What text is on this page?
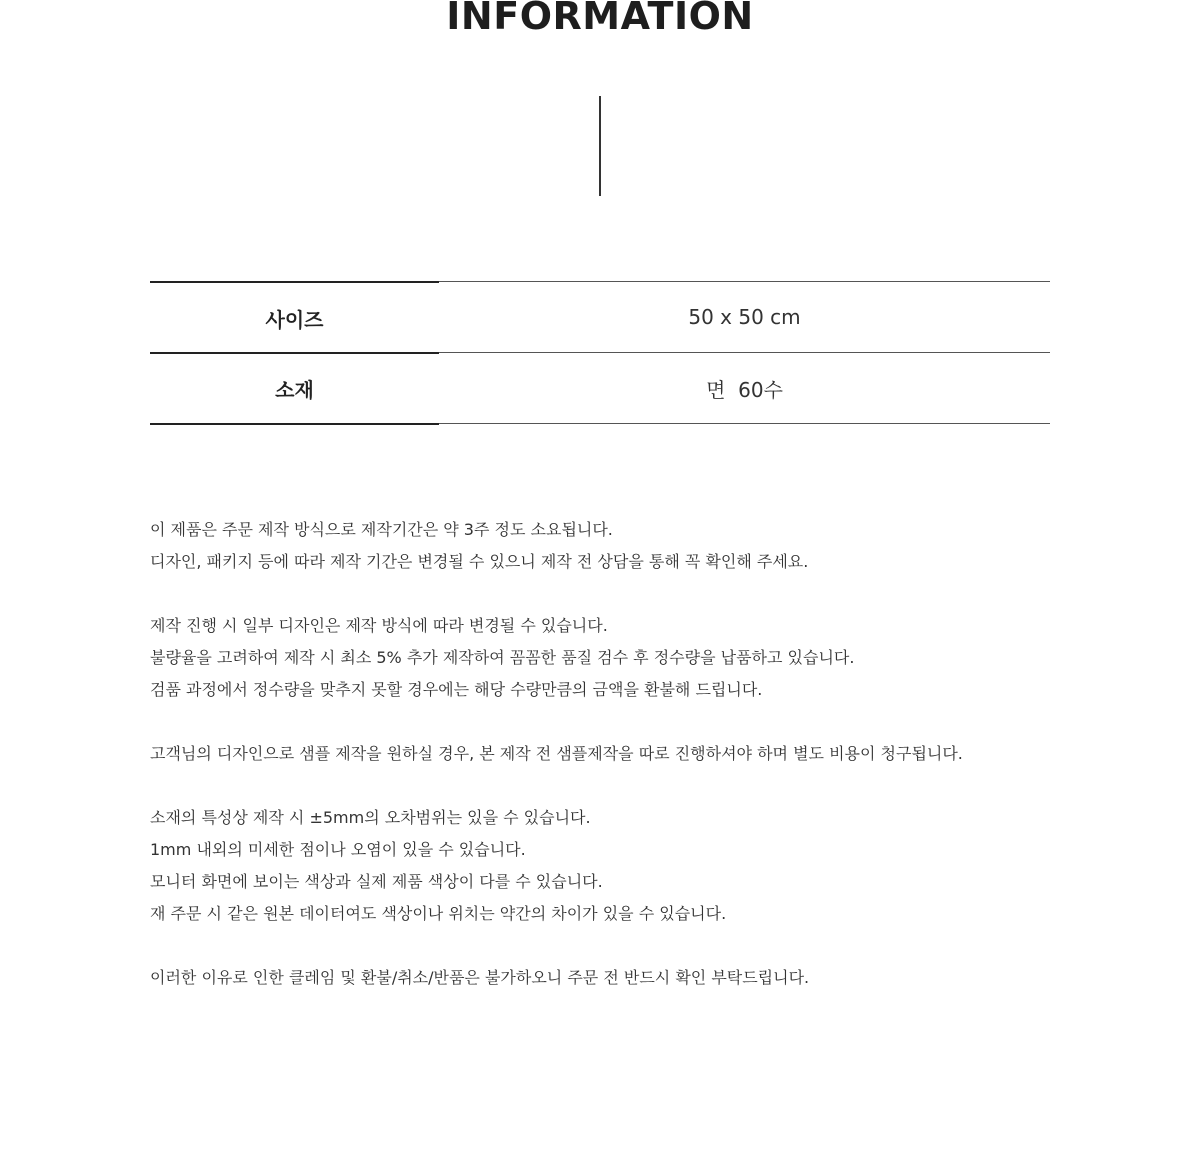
INFORMATION
사이즈	50 x 50 cm
소재	면  60수
이 제품은 주문 제작 방식으로 제작기간은 약 3주 정도 소요됩니다.
디자인, 패키지 등에 따라 제작 기간은 변경될 수 있으니 제작 전 상담을 통해 꼭 확인해 주세요.
제작 진행 시 일부 디자인은 제작 방식에 따라 변경될 수 있습니다.
불량율을 고려하여 제작 시 최소 5% 추가 제작하여 꼼꼼한 품질 검수 후 정수량을 납품하고 있습니다.
검품 과정에서 정수량을 맞추지 못할 경우에는 해당 수량만큼의 금액을 환불해 드립니다.
고객님의 디자인으로 샘플 제작을 원하실 경우, 본 제작 전 샘플제작을 따로 진행하셔야 하며 별도 비용이 청구됩니다.
소재의 특성상 제작 시 ±5mm의 오차범위는 있을 수 있습니다.
1mm 내외의 미세한 점이나 오염이 있을 수 있습니다.
모니터 화면에 보이는 색상과 실제 제품 색상이 다를 수 있습니다.
재 주문 시 같은 원본 데이터여도 색상이나 위치는 약간의 차이가 있을 수 있습니다.
이러한 이유로 인한 클레임 및 환불/취소/반품은 불가하오니 주문 전 반드시 확인 부탁드립니다.
